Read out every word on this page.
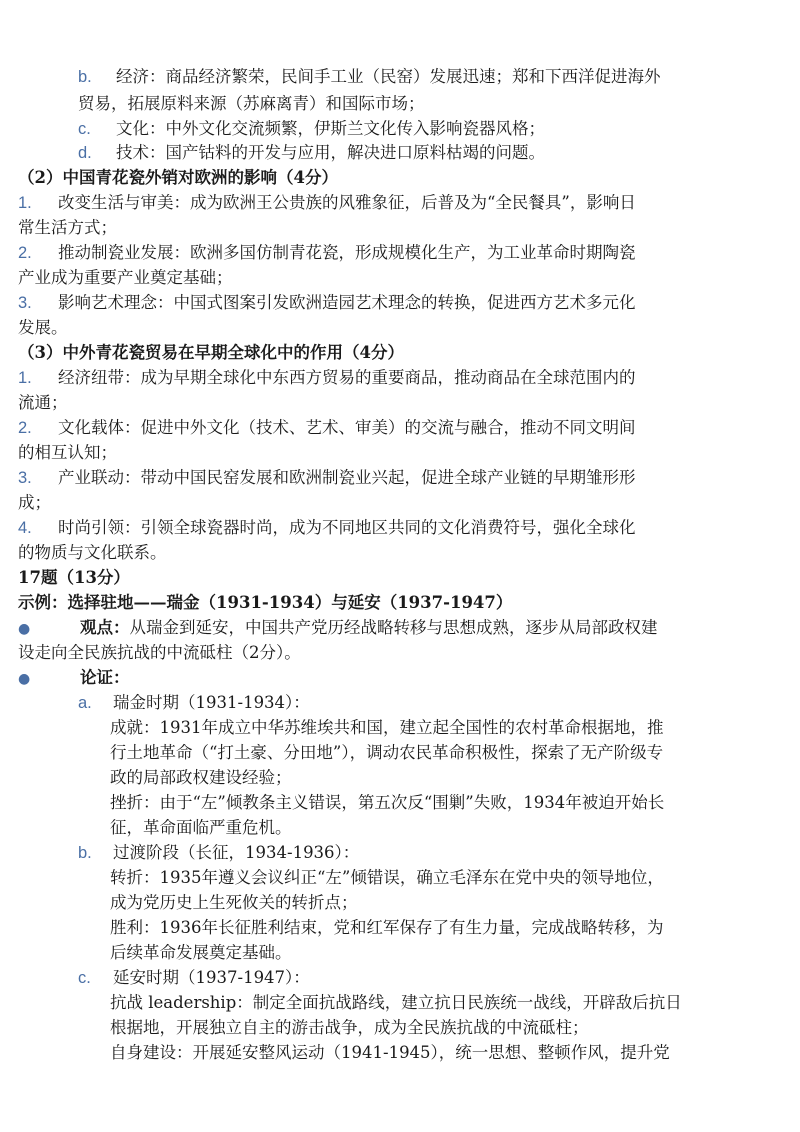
b. 经济：商品经济繁荣，民间手工业（民窑）发展迅速；郑和下西洋促进海外
贸易，拓展原料来源（苏麻离青）和国际市场；
c. 文化：中外文化交流频繁，伊斯兰文化传入影响瓷器风格；
d. 技术：国产钴料的开发与应用，解决进口原料枯竭的问题。
（2）中国青花瓷外销对欧洲的影响（4分）
1. 改变生活与审美：成为欧洲王公贵族的风雅象征，后普及为“全民餐具”，影响日
常生活方式；
2. 推动制瓷业发展：欧洲多国仿制青花瓷，形成规模化生产，为工业革命时期陶瓷
产业成为重要产业奠定基础；
3. 影响艺术理念：中国式图案引发欧洲造园艺术理念的转换，促进西方艺术多元化
发展。
（3）中外青花瓷贸易在早期全球化中的作用（4分）
1. 经济纽带：成为早期全球化中东西方贸易的重要商品，推动商品在全球范围内的
流通；
2. 文化载体：促进中外文化（技术、艺术、审美）的交流与融合，推动不同文明间
的相互认知；
3. 产业联动：带动中国民窑发展和欧洲制瓷业兴起，促进全球产业链的早期雏形形
成；
4. 时尚引领：引领全球瓷器时尚，成为不同地区共同的文化消费符号，强化全球化
的物质与文化联系。
17题（13分）
示例：选择驻地——瑞金（1931-1934）与延安（1937-1947）
●	观点：从瑞金到延安，中国共产党历经战略转移与思想成熟，逐步从局部政权建
设走向全民族抗战的中流砥柱（2分）。
●	论证：
a. 瑞金时期（1931-1934）：
成就：1931年成立中华苏维埃共和国，建立起全国性的农村革命根据地，推
行土地革命（“打土豪、分田地”），调动农民革命积极性，探索了无产阶级专
政的局部政权建设经验；
挫折：由于“左”倾教条主义错误，第五次反“围剿”失败，1934年被迫开始长
征，革命面临严重危机。
b. 过渡阶段（长征，1934-1936）：
转折：1935年遵义会议纠正“左”倾错误，确立毛泽东在党中央的领导地位，
成为党历史上生死攸关的转折点；
胜利：1936年长征胜利结束，党和红军保存了有生力量，完成战略转移，为
后续革命发展奠定基础。
c. 延安时期（1937-1947）：
抗战 leadership：制定全面抗战路线，建立抗日民族统一战线，开辟敌后抗日
根据地，开展独立自主的游击战争，成为全民族抗战的中流砥柱；
自身建设：开展延安整风运动（1941-1945），统一思想、整顿作风，提升党
